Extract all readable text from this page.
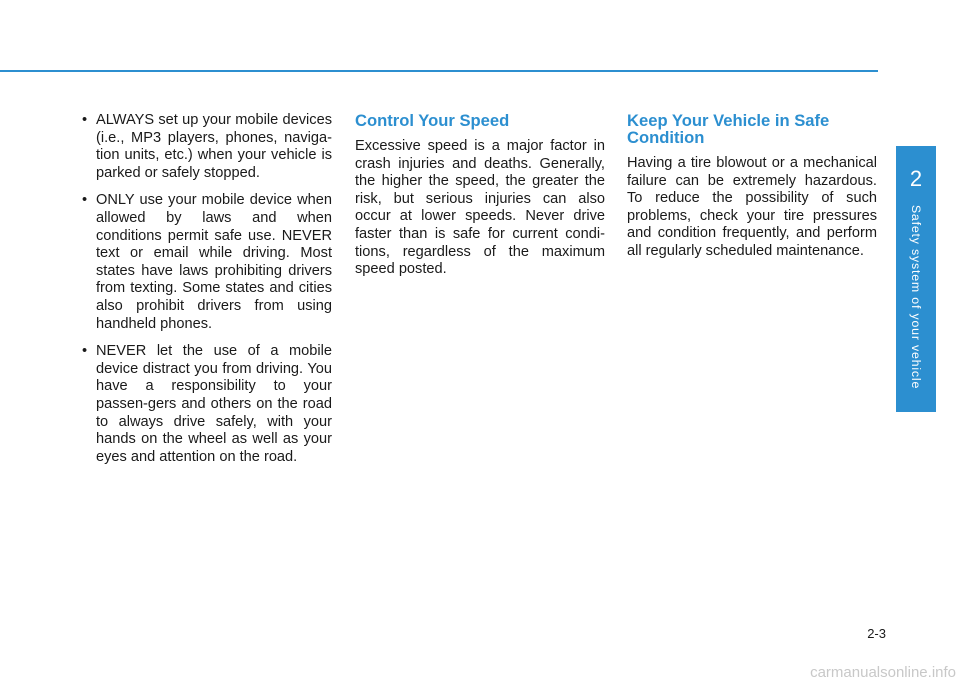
• ALWAYS set up your mobile devices (i.e., MP3 players, phones, naviga-tion units, etc.) when your vehicle is parked or safely stopped.
• ONLY use your mobile device when allowed by laws and when conditions permit safe use. NEVER text or email while driving. Most states have laws prohibiting drivers from texting. Some states and cities also prohibit drivers from using handheld phones.
• NEVER let the use of a mobile device distract you from driving. You have a responsibility to your passen-gers and others on the road to always drive safely, with your hands on the wheel as well as your eyes and attention on the road.
Control Your Speed

Excessive speed is a major factor in crash injuries and deaths. Generally, the higher the speed, the greater the risk, but serious injuries can also occur at lower speeds. Never drive faster than is safe for current condi-tions, regardless of the maximum speed posted.

Keep Your Vehicle in Safe Condition

Having a tire blowout or a mechanical failure can be extremely hazardous. To reduce the possibility of such problems, check your tire pressures and condition frequently, and perform all regularly scheduled maintenance.

2
Safety system of your vehicle
2-3
carmanualsonline.info
